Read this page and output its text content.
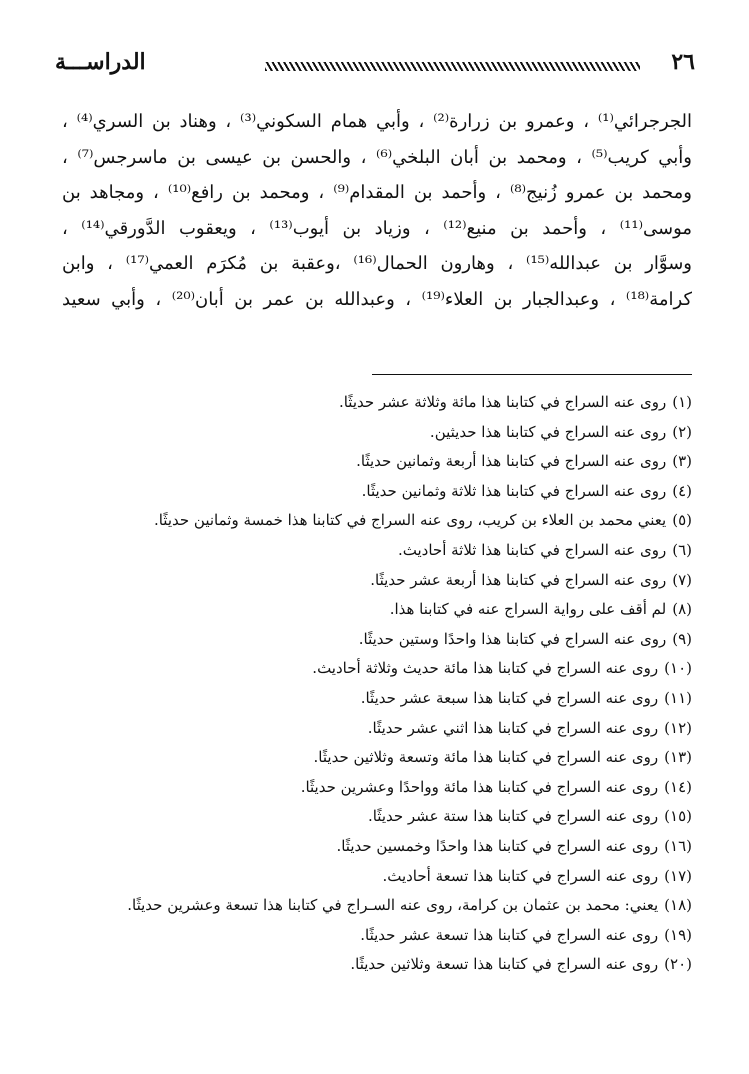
٢٦
الدراســـة
الجرجرائي⁽¹⁾ ، وعمرو بن زرارة⁽²⁾ ، وأبي همام السكوني⁽³⁾ ، وهناد بن السري⁽⁴⁾ ،
وأبي كريب⁽⁵⁾ ، ومحمد بن أبان البلخي⁽⁶⁾ ، والحسن بن عيسى بن ماسرجس⁽⁷⁾ ،
ومحمد بن عمرو زُنيج⁽⁸⁾ ، وأحمد بن المقدام⁽⁹⁾ ، ومحمد بن رافع⁽¹⁰⁾ ، ومجاهد بن
موسى⁽¹¹⁾ ، وأحمد بن منيع⁽¹²⁾ ، وزياد بن أيوب⁽¹³⁾ ، ويعقوب الدَّورقي⁽¹⁴⁾ ،
وسوَّار بن عبدالله⁽¹⁵⁾ ، وهارون الحمال⁽¹⁶⁾ ،وعقبة بن مُكرَم العمي⁽¹⁷⁾ ، وابن
كرامة⁽¹⁸⁾ ، وعبدالجبار بن العلاء⁽¹⁹⁾ ، وعبدالله بن عمر بن أبان⁽²⁰⁾ ، وأبي سعيد
(١)روى عنه السراج في كتابنا هذا مائة وثلاثة عشر حديثًا.
(٢)روى عنه السراج في كتابنا هذا حديثين.
(٣)روى عنه السراج في كتابنا هذا أربعة وثمانين حديثًا.
(٤)روى عنه السراج في كتابنا هذا ثلاثة وثمانين حديثًا.
(٥)يعني محمد بن العلاء بن كريب، روى عنه السراج في كتابنا هذا خمسة وثمانين حديثًا.
(٦)روى عنه السراج في كتابنا هذا ثلاثة أحاديث.
(٧)روى عنه السراج في كتابنا هذا أربعة عشر حديثًا.
(٨)لم أقف على رواية السراج عنه في كتابنا هذا.
(٩)روى عنه السراج في كتابنا هذا واحدًا وستين حديثًا.
(١٠)روى عنه السراج في كتابنا هذا مائة حديث وثلاثة أحاديث.
(١١)روى عنه السراج في كتابنا هذا سبعة عشر حديثًا.
(١٢)روى عنه السراج في كتابنا هذا اثني عشر حديثًا.
(١٣)روى عنه السراج في كتابنا هذا مائة وتسعة وثلاثين حديثًا.
(١٤)روى عنه السراج في كتابنا هذا مائة وواحدًا وعشرين حديثًا.
(١٥)روى عنه السراج في كتابنا هذا ستة عشر حديثًا.
(١٦)روى عنه السراج في كتابنا هذا واحدًا وخمسين حديثًا.
(١٧)روى عنه السراج في كتابنا هذا تسعة أحاديث.
(١٨)يعني: محمد بن عثمان بن كرامة، روى عنه السـراج في كتابنا هذا تسعة وعشرين حديثًا.
(١٩)روى عنه السراج في كتابنا هذا تسعة عشر حديثًا.
(٢٠)روى عنه السراج في كتابنا هذا تسعة وثلاثين حديثًا.
